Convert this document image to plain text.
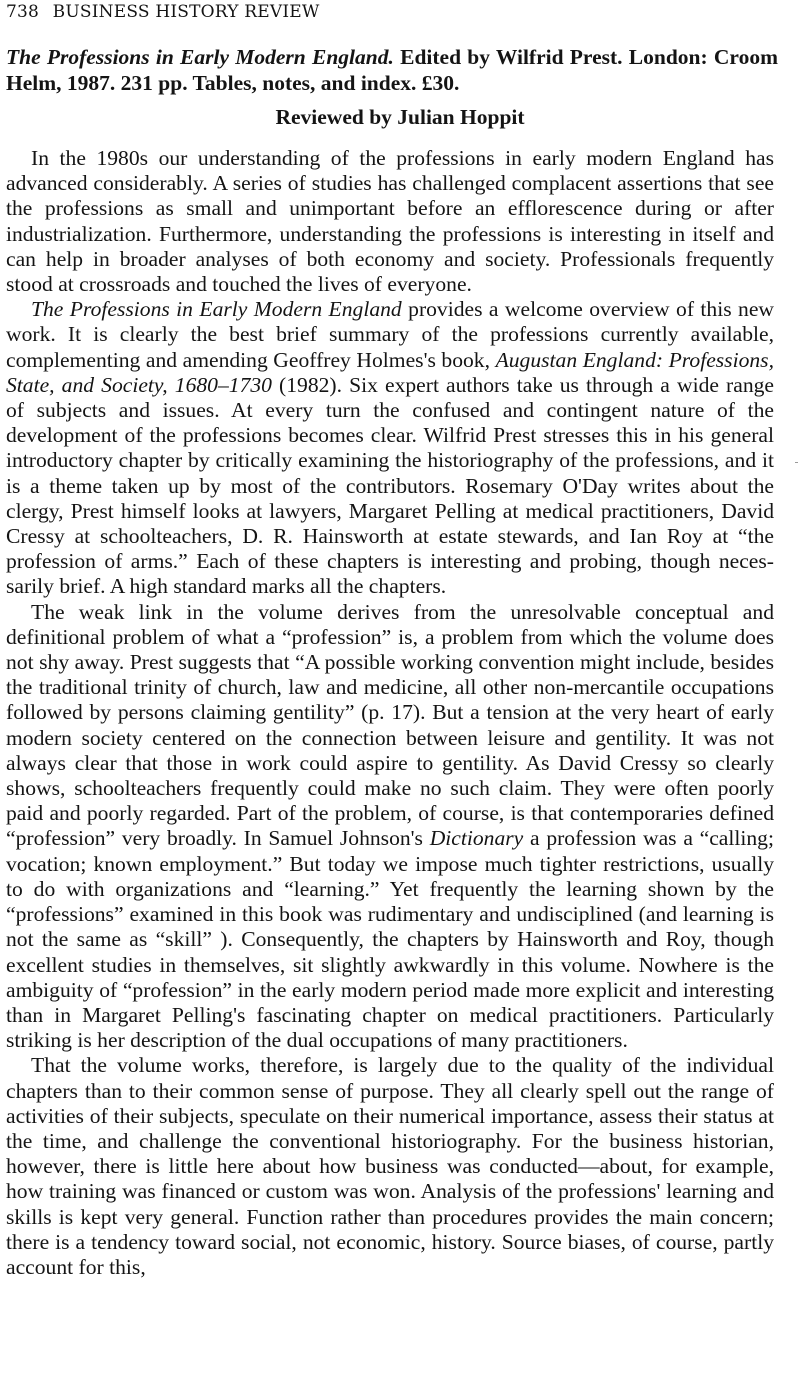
738 BUSINESS HISTORY REVIEW
The Professions in Early Modern England. Edited by Wilfrid Prest. London: Croom Helm, 1987. 231 pp. Tables, notes, and index. £30.
Reviewed by Julian Hoppit

In the 1980s our understanding of the professions in early modern England has advanced considerably. A series of studies has challenged complacent assertions that see the professions as small and unimportant before an efflorescence during or after industrialization. Furthermore, understanding the professions is interesting in itself and can help in broader analyses of both economy and society. Professionals frequently stood at crossroads and touched the lives of everyone.

The Professions in Early Modern England provides a welcome overview of this new work. It is clearly the best brief summary of the professions currently available, complementing and amending Geoffrey Holmes's book, Augustan England: Professions, State, and Society, 1680–1730 (1982). Six expert authors take us through a wide range of subjects and issues. At every turn the confused and contingent nature of the development of the professions becomes clear. Wilfrid Prest stresses this in his general introductory chapter by critically examining the historiography of the professions, and it is a theme taken up by most of the contributors. Rosemary O'Day writes about the clergy, Prest himself looks at lawyers, Margaret Pelling at medical practitioners, David Cressy at schoolteachers, D. R. Hainsworth at estate stewards, and Ian Roy at “the profession of arms.” Each of these chapters is interesting and probing, though necessarily brief. A high standard marks all the chapters.

The weak link in the volume derives from the unresolvable conceptual and definitional problem of what a “profession” is, a problem from which the volume does not shy away. Prest suggests that “A possible working convention might include, besides the traditional trinity of church, law and medicine, all other non-mercantile occupations followed by persons claiming gentility” (p. 17). But a tension at the very heart of early modern society centered on the connection between leisure and gentility. It was not always clear that those in work could aspire to gentility. As David Cressy so clearly shows, schoolteachers frequently could make no such claim. They were often poorly paid and poorly regarded. Part of the problem, of course, is that contemporaries defined “profession” very broadly. In Samuel Johnson's Dictionary a profession was a “calling; vocation; known employment.” But today we impose much tighter restrictions, usually to do with organizations and “learning.” Yet frequently the learning shown by the “professions” examined in this book was rudimentary and undisciplined (and learning is not the same as “skill” ). Consequently, the chapters by Hainsworth and Roy, though excellent studies in themselves, sit slightly awkwardly in this volume. Nowhere is the ambiguity of “profession” in the early modern period made more explicit and interesting than in Margaret Pelling's fascinating chapter on medical practitioners. Particularly striking is her description of the dual occupations of many practitioners.

That the volume works, therefore, is largely due to the quality of the individual chapters than to their common sense of purpose. They all clearly spell out the range of activities of their subjects, speculate on their numerical importance, assess their status at the time, and challenge the conventional historiography. For the business historian, however, there is little here about how business was conducted—about, for example, how training was financed or custom was won. Analysis of the professions' learning and skills is kept very general. Function rather than procedures provides the main concern; there is a tendency toward social, not economic, history. Source biases, of course, partly account for this,
